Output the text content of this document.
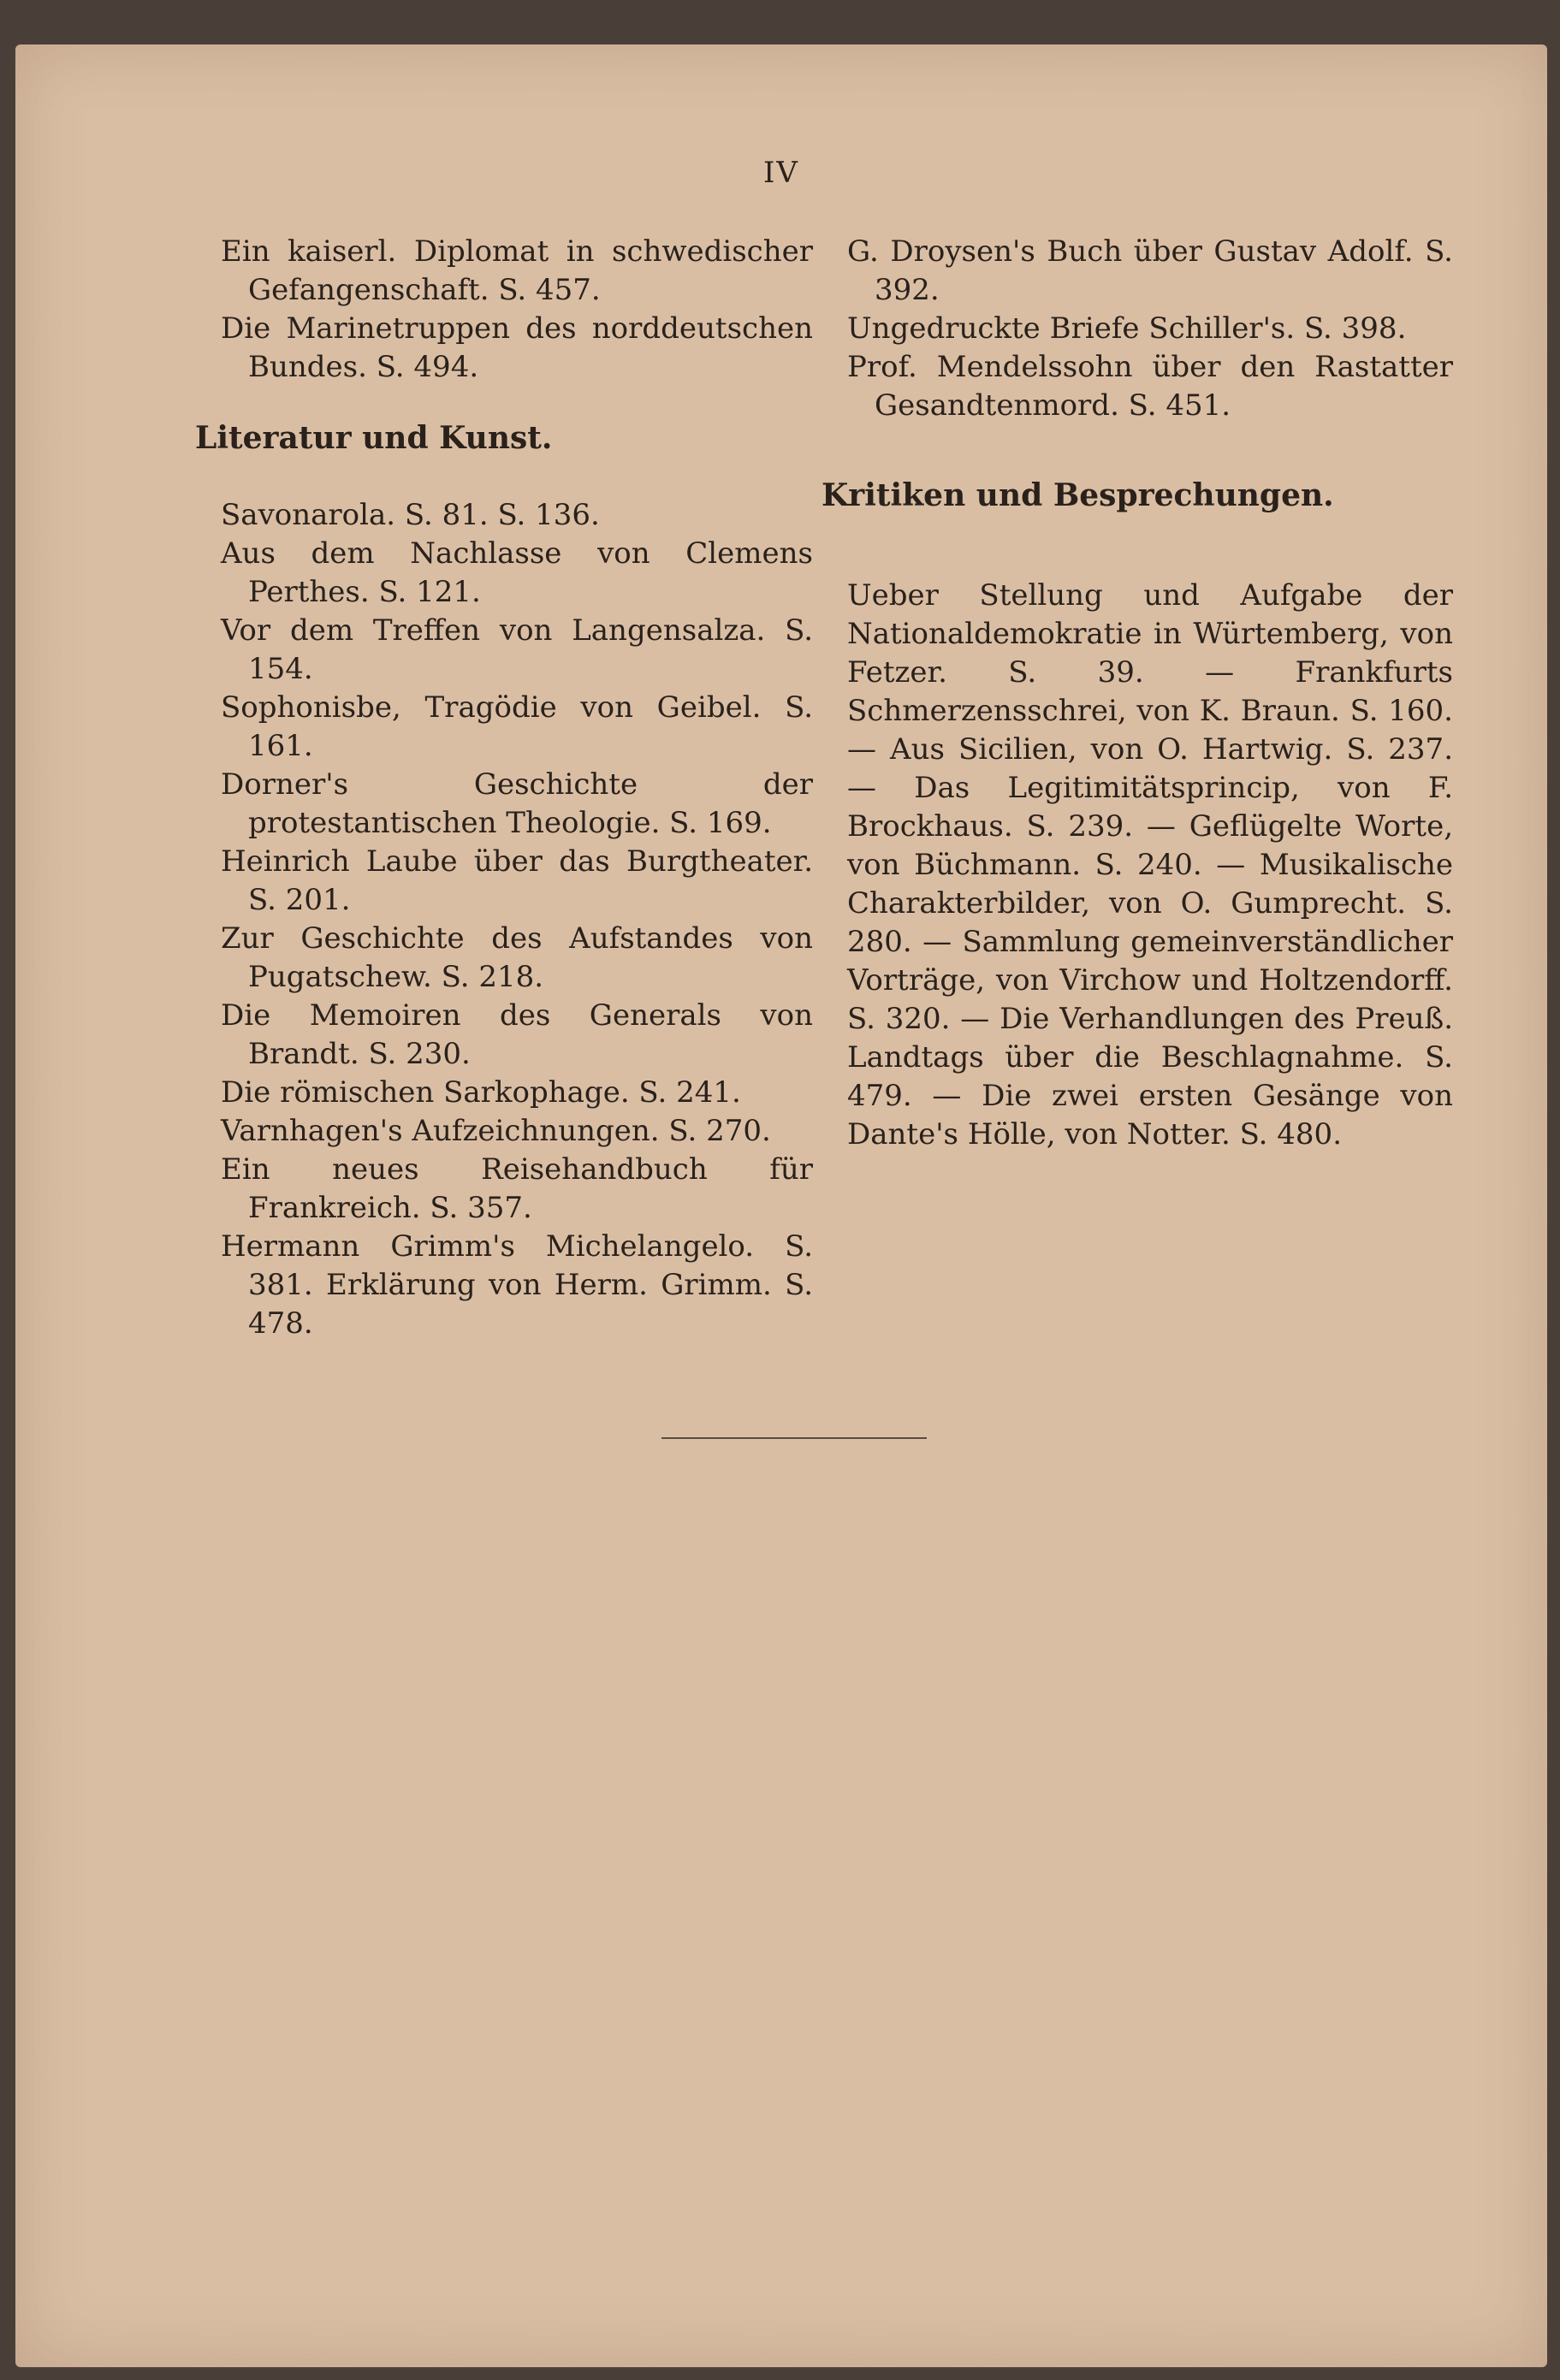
IV
Ein kaiserl. Diplomat in schwedischer Gefangenschaft. S. 457.
Die Marinetruppen des norddeutschen Bundes. S. 494.
Literatur und Kunst.
Savonarola. S. 81. S. 136.
Aus dem Nachlasse von Clemens Perthes. S. 121.
Vor dem Treffen von Langensalza. S. 154.
Sophonisbe, Tragödie von Geibel. S. 161.
Dorner's Geschichte der protestantischen Theologie. S. 169.
Heinrich Laube über das Burgtheater. S. 201.
Zur Geschichte des Aufstandes von Pugatschew. S. 218.
Die Memoiren des Generals von Brandt. S. 230.
Die römischen Sarkophage. S. 241.
Varnhagen's Aufzeichnungen. S. 270.
Ein neues Reisehandbuch für Frankreich. S. 357.
Hermann Grimm's Michelangelo. S. 381. Erklärung von Herm. Grimm. S. 478.
G. Droysen's Buch über Gustav Adolf. S. 392.
Ungedruckte Briefe Schiller's. S. 398.
Prof. Mendelssohn über den Rastatter Gesandtenmord. S. 451.
Kritiken und Besprechungen.
Ueber Stellung und Aufgabe der Nationaldemokratie in Würtemberg, von Fetzer. S. 39. — Frankfurts Schmerzensschrei, von K. Braun. S. 160. — Aus Sicilien, von O. Hartwig. S. 237. — Das Legitimitätsprincip, von F. Brockhaus. S. 239. — Geflügelte Worte, von Büchmann. S. 240. — Musikalische Charakterbilder, von O. Gumprecht. S. 280. — Sammlung gemeinverständlicher Vorträge, von Virchow und Holtzendorff. S. 320. — Die Verhandlungen des Preuß. Landtags über die Beschlagnahme. S. 479. — Die zwei ersten Gesänge von Dante's Hölle, von Notter. S. 480.
